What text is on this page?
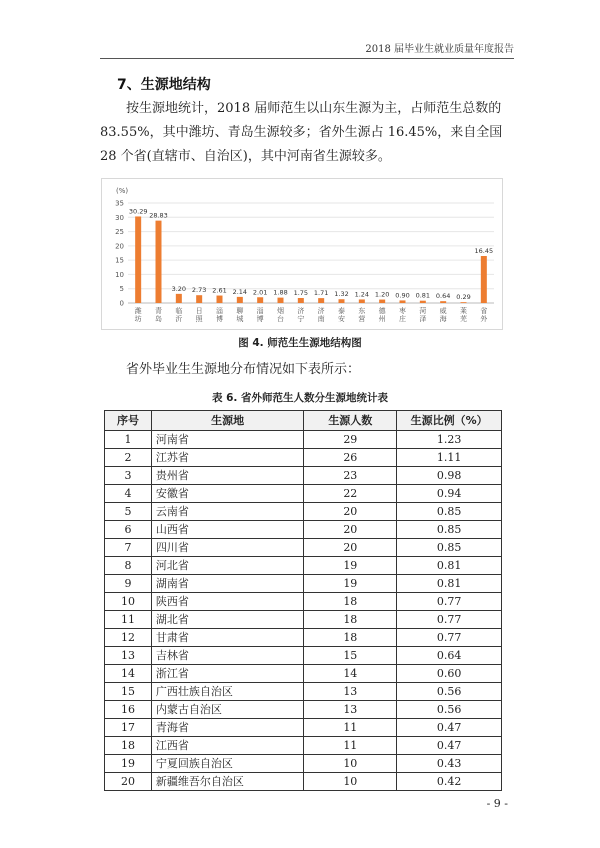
2018 届毕业生就业质量年度报告
7、生源地结构
按生源地统计，2018 届师范生以山东生源为主，占师范生总数的 83.55%，其中潍坊、青岛生源较多；省外生源占 16.45%，来自全国 28 个省(直辖市、自治区)，其中河南省生源较多。
(%)
0
5
10
15
20
25
30
35
30.29
潍
坊
28.83
青
岛
3.20
临
沂
2.73
日
照
2.61
淄
博
2.14
聊
城
2.01
淄
博
1.88
烟
台
1.75
济
宁
1.71
济
南
1.32
泰
安
1.24
东
营
1.20
德
州
0.90
枣
庄
0.81
菏
泽
0.64
威
海
0.29
莱
芜
16.45
省
外
图 4. 师范生生源地结构图
省外毕业生生源地分布情况如下表所示：
表 6. 省外师范生人数分生源地统计表
序号	生源地	生源人数	生源比例（%）
1	河南省	29	1.23
2	江苏省	26	1.11
3	贵州省	23	0.98
4	安徽省	22	0.94
5	云南省	20	0.85
6	山西省	20	0.85
7	四川省	20	0.85
8	河北省	19	0.81
9	湖南省	19	0.81
10	陕西省	18	0.77
11	湖北省	18	0.77
12	甘肃省	18	0.77
13	吉林省	15	0.64
14	浙江省	14	0.60
15	广西壮族自治区	13	0.56
16	内蒙古自治区	13	0.56
17	青海省	11	0.47
18	江西省	11	0.47
19	宁夏回族自治区	10	0.43
20	新疆维吾尔自治区	10	0.42
- 9 -
